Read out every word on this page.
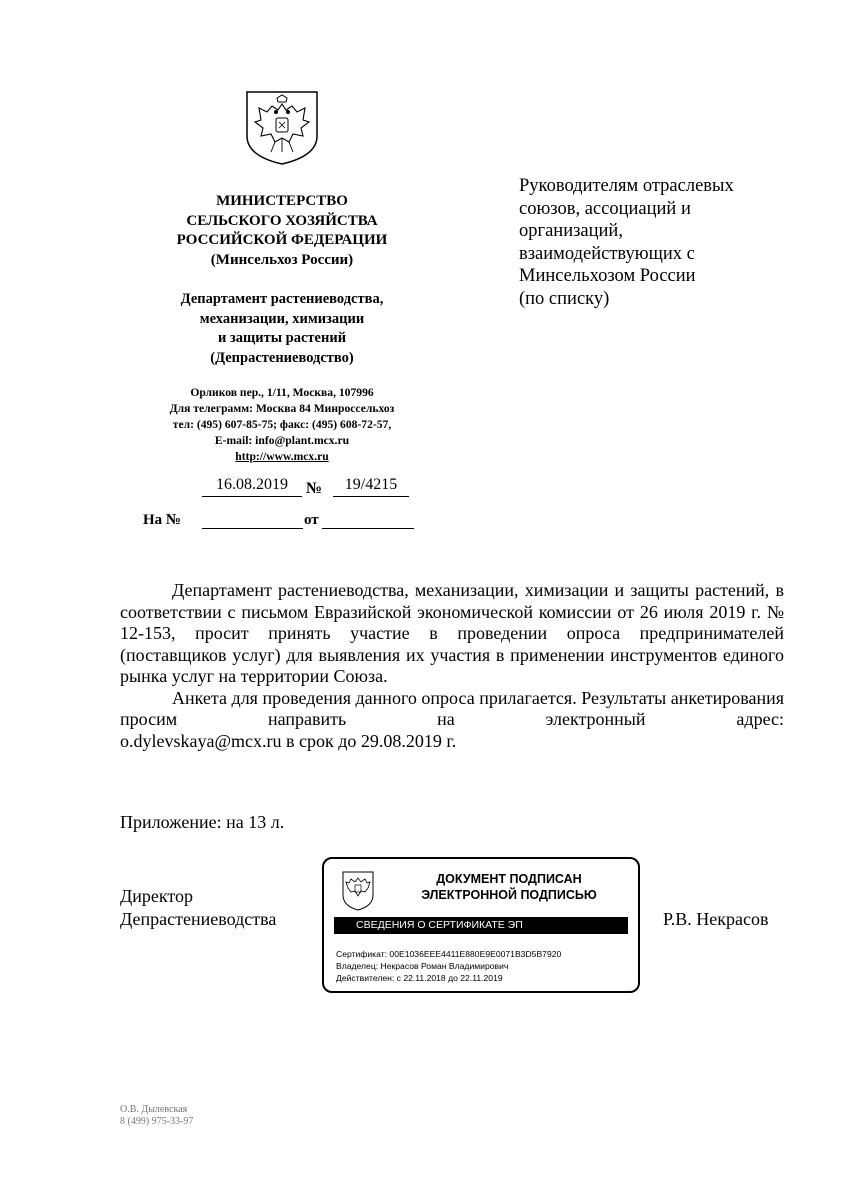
МИНИСТЕРСТВО
СЕЛЬСКОГО ХОЗЯЙСТВА
РОССИЙСКОЙ ФЕДЕРАЦИИ
(Минсельхоз России)
Департамент растениеводства,
механизации, химизации
и защиты растений
(Депрастениеводство)
Орликов пер., 1/11, Москва, 107996
Для телеграмм: Москва 84 Минроссельхоз
тел: (495) 607-85-75; факс: (495) 608-72-57,
E-mail: info@plant.mcx.ru
http://www.mcx.ru
16.08.2019	№	19/4215
На №	от
Руководителям отраслевых
союзов, ассоциаций и
организаций,
взаимодействующих с
Минсельхозом России
(по списку)

Департамент растениеводства, механизации, химизации и защиты растений, в соответствии с письмом Евразийской экономической комиссии от 26 июля 2019 г. № 12-153, просит принять участие в проведении опроса предпринимателей (поставщиков услуг) для выявления их участия в применении инструментов единого рынка услуг на территории Союза.

Анкета для проведения данного опроса прилагается. Результаты анкетирования просим направить на электронный адрес:

o.dylevskaya@mcx.ru в срок до 29.08.2019 г.
Приложение: на 13 л.
Директор
Депрастениеводства	Р.В. Некрасов
ДОКУМЕНТ ПОДПИСАН
ЭЛЕКТРОННОЙ ПОДПИСЬЮ
СВЕДЕНИЯ О СЕРТИФИКАТЕ ЭП
Сертификат: 00E1036EEE4411E880E9E0071B3D5B7920
Владелец: Некрасов Роман Владимирович
Действителен: с 22.11.2018 до 22.11.2019
О.В. Дылевская
8 (499) 975-33-97
